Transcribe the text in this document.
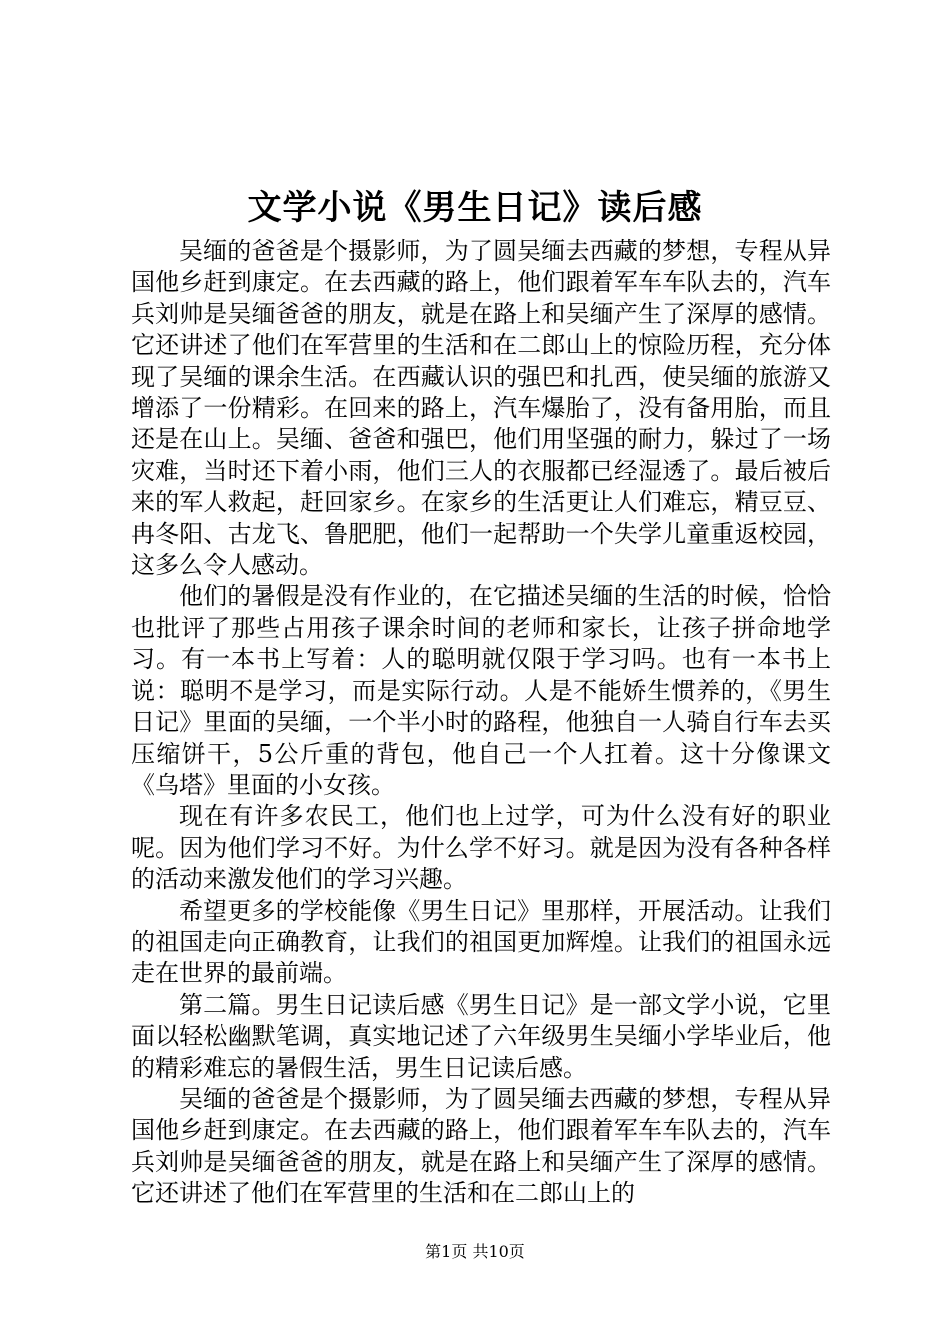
文学小说《男生日记》读后感

吴缅的爸爸是个摄影师，为了圆吴缅去西藏的梦想，专程从异国他乡赶到康定。在去西藏的路上，他们跟着军车车队去的，汽车兵刘帅是吴缅爸爸的朋友，就是在路上和吴缅产生了深厚的感情。它还讲述了他们在军营里的生活和在二郎山上的惊险历程，充分体现了吴缅的课余生活。在西藏认识的强巴和扎西，使吴缅的旅游又增添了一份精彩。在回来的路上，汽车爆胎了，没有备用胎，而且还是在山上。吴缅、爸爸和强巴，他们用坚强的耐力，躲过了一场灾难，当时还下着小雨，他们三人的衣服都已经湿透了。最后被后来的军人救起，赶回家乡。在家乡的生活更让人们难忘，精豆豆、冉冬阳、古龙飞、鲁肥肥，他们一起帮助一个失学儿童重返校园，这多么令人感动。

他们的暑假是没有作业的，在它描述吴缅的生活的时候，恰恰也批评了那些占用孩子课余时间的老师和家长，让孩子拼命地学习。有一本书上写着：人的聪明就仅限于学习吗。也有一本书上说：聪明不是学习，而是实际行动。人是不能娇生惯养的，《男生日记》里面的吴缅，一个半小时的路程，他独自一人骑自行车去买压缩饼干，5公斤重的背包，他自己一个人扛着。这十分像课文《乌塔》里面的小女孩。

现在有许多农民工，他们也上过学，可为什么没有好的职业呢。因为他们学习不好。为什么学不好习。就是因为没有各种各样的活动来激发他们的学习兴趣。

希望更多的学校能像《男生日记》里那样，开展活动。让我们的祖国走向正确教育，让我们的祖国更加辉煌。让我们的祖国永远走在世界的最前端。

第二篇。男生日记读后感《男生日记》是一部文学小说，它里面以轻松幽默笔调，真实地记述了六年级男生吴缅小学毕业后，他的精彩难忘的暑假生活，男生日记读后感。

吴缅的爸爸是个摄影师，为了圆吴缅去西藏的梦想，专程从异国他乡赶到康定。在去西藏的路上，他们跟着军车车队去的，汽车兵刘帅是吴缅爸爸的朋友，就是在路上和吴缅产生了深厚的感情。它还讲述了他们在军营里的生活和在二郎山上的

第1页 共10页
